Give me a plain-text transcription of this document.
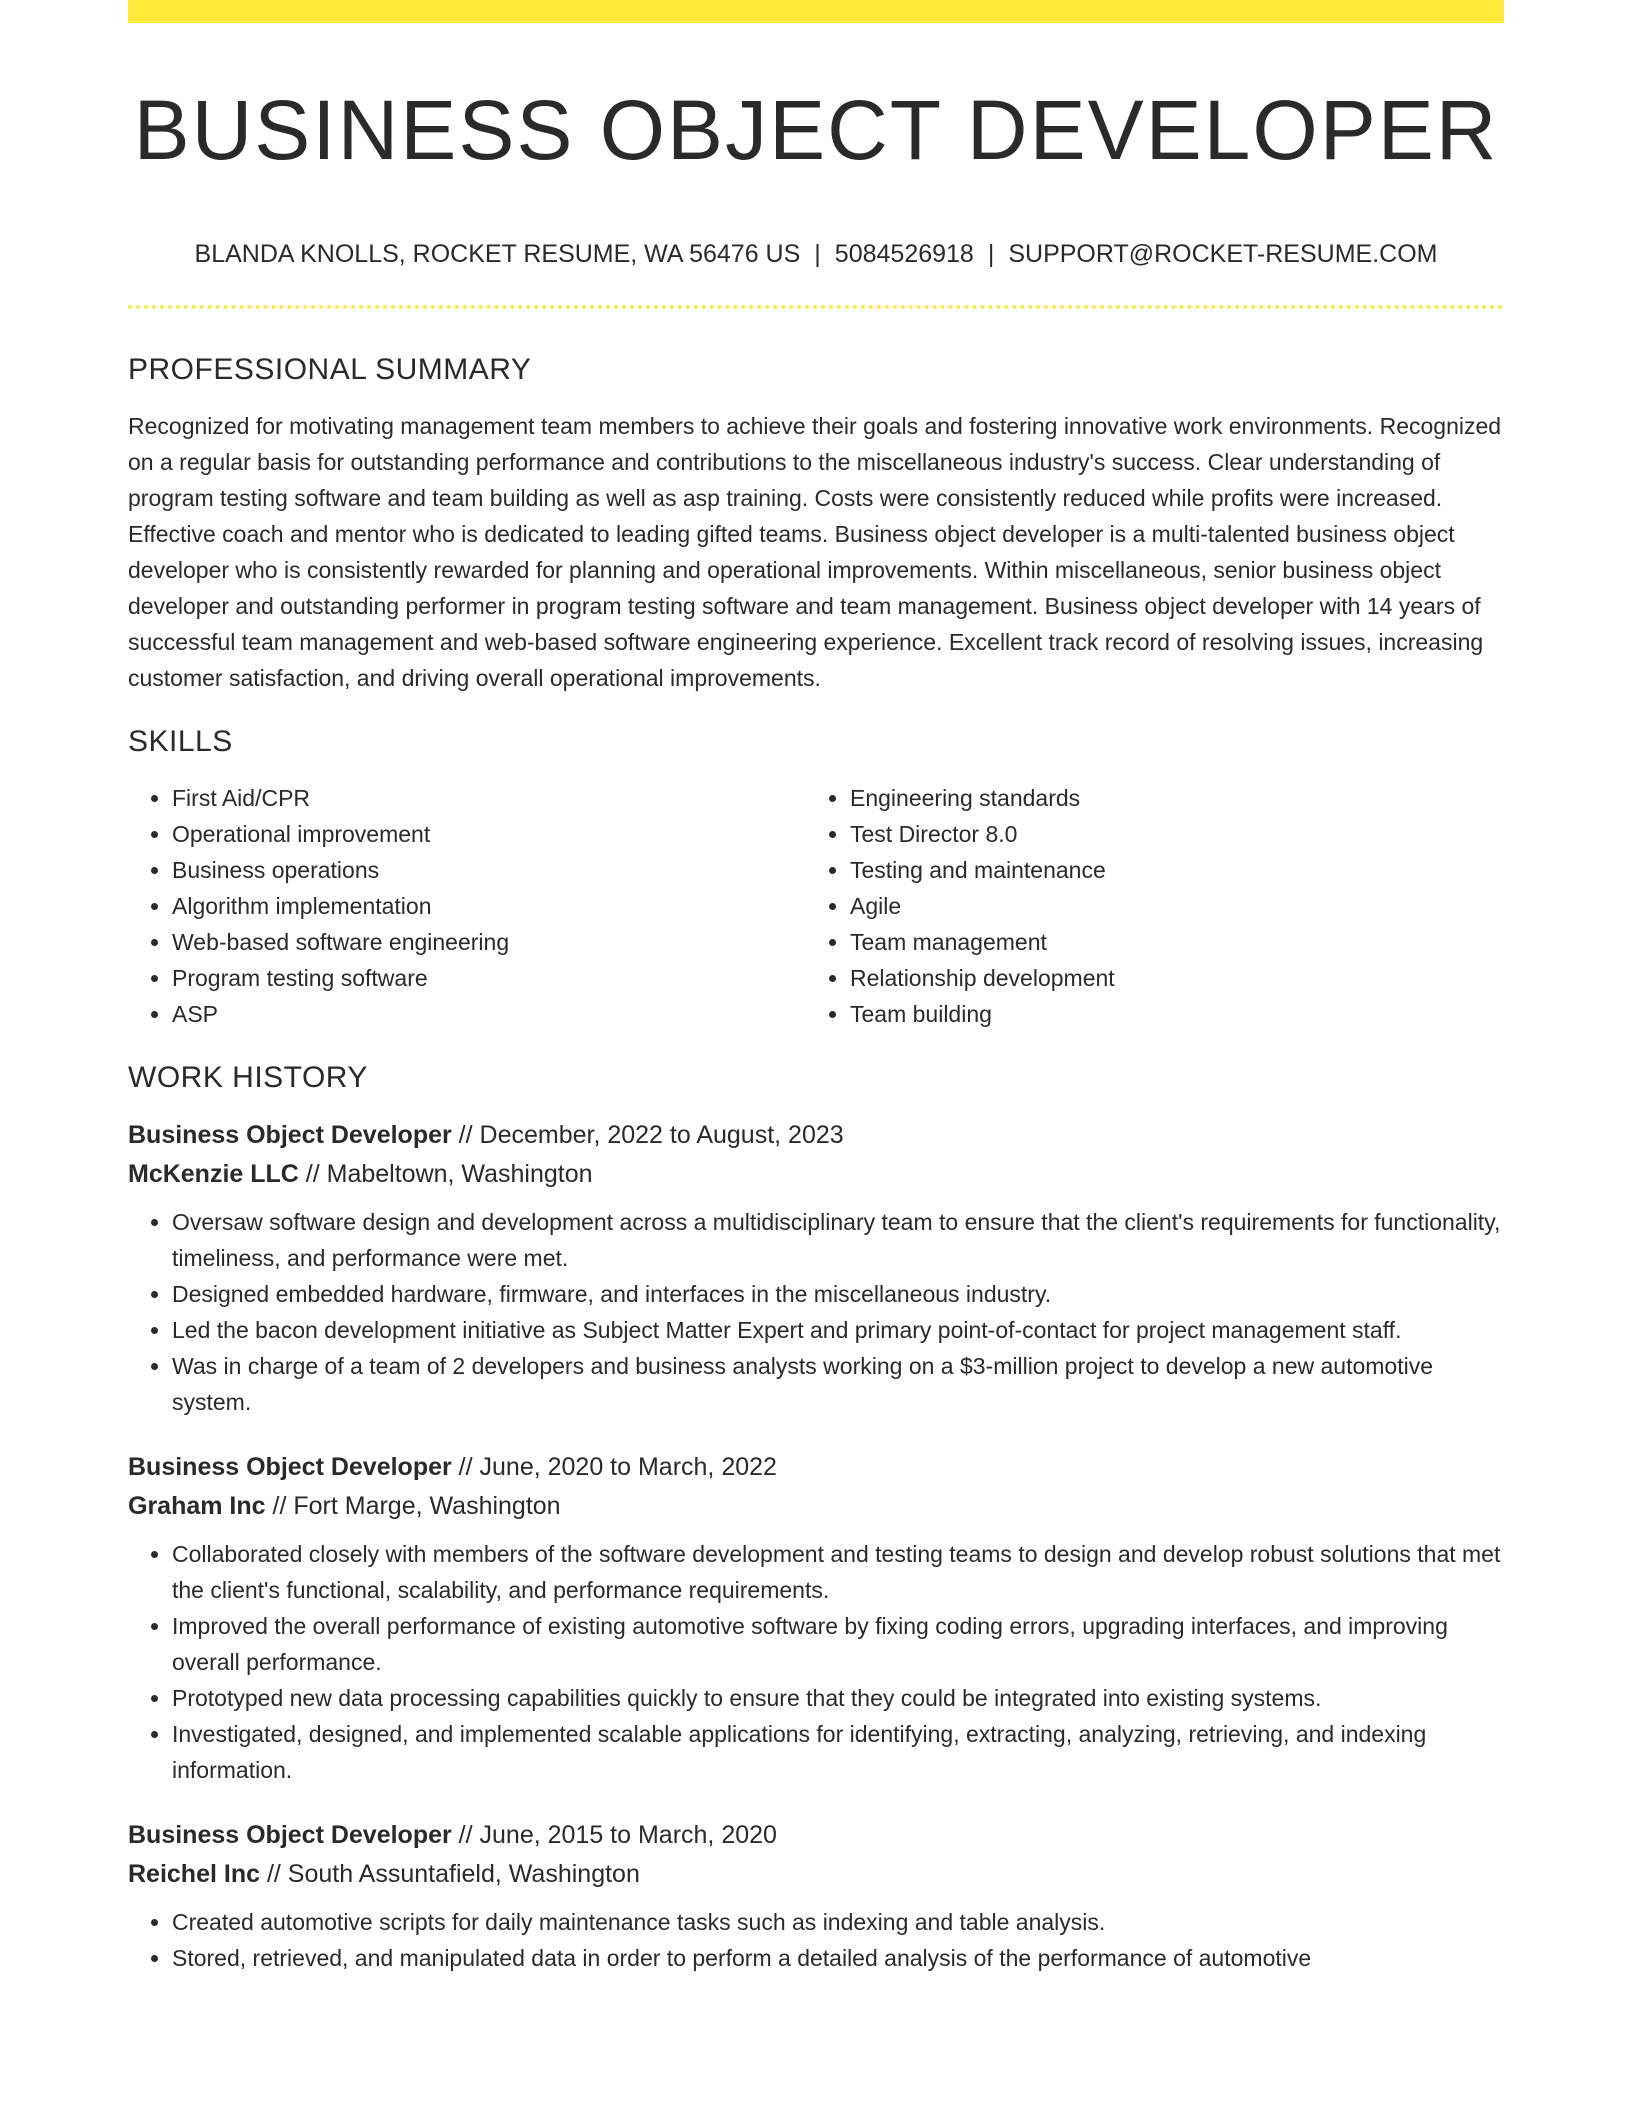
BUSINESS OBJECT DEVELOPER
BLANDA KNOLLS, ROCKET RESUME, WA 56476 US | 5084526918 | SUPPORT@ROCKET-RESUME.COM
PROFESSIONAL SUMMARY

Recognized for motivating management team members to achieve their goals and fostering innovative work environments. Recognized on a regular basis for outstanding performance and contributions to the miscellaneous industry's success. Clear understanding of program testing software and team building as well as asp training. Costs were consistently reduced while profits were increased. Effective coach and mentor who is dedicated to leading gifted teams. Business object developer is a multi-talented business object developer who is consistently rewarded for planning and operational improvements. Within miscellaneous, senior business object developer and outstanding performer in program testing software and team management. Business object developer with 14 years of successful team management and web-based software engineering experience. Excellent track record of resolving issues, increasing customer satisfaction, and driving overall operational improvements.

SKILLS
• First Aid/CPR
• Operational improvement
• Business operations
• Algorithm implementation
• Web-based software engineering
• Program testing software
• ASP
• Engineering standards
• Test Director 8.0
• Testing and maintenance
• Agile
• Team management
• Relationship development
• Team building
WORK HISTORY
Business Object Developer // December, 2022 to August, 2023
McKenzie LLC // Mabeltown, Washington
• Oversaw software design and development across a multidisciplinary team to ensure that the client's requirements for functionality, timeliness, and performance were met.
• Designed embedded hardware, firmware, and interfaces in the miscellaneous industry.
• Led the bacon development initiative as Subject Matter Expert and primary point-of-contact for project management staff.
• Was in charge of a team of 2 developers and business analysts working on a $3-million project to develop a new automotive system.
Business Object Developer // June, 2020 to March, 2022
Graham Inc // Fort Marge, Washington
• Collaborated closely with members of the software development and testing teams to design and develop robust solutions that met the client's functional, scalability, and performance requirements.
• Improved the overall performance of existing automotive software by fixing coding errors, upgrading interfaces, and improving overall performance.
• Prototyped new data processing capabilities quickly to ensure that they could be integrated into existing systems.
• Investigated, designed, and implemented scalable applications for identifying, extracting, analyzing, retrieving, and indexing information.
Business Object Developer // June, 2015 to March, 2020
Reichel Inc // South Assuntafield, Washington
• Created automotive scripts for daily maintenance tasks such as indexing and table analysis.
• Stored, retrieved, and manipulated data in order to perform a detailed analysis of the performance of automotive
